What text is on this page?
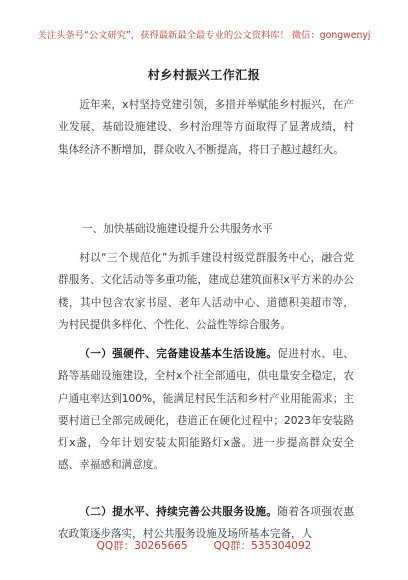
关注头条号“公文研究”，获得最新最全最专业的公文资料库！ 微信：gongwenyj
村乡村振兴工作汇报

近年来，x村坚持党建引领，多措并举赋能乡村振兴，在产业发展、基础设施建设、乡村治理等方面取得了显著成绩，村集体经济不断增加，群众收入不断提高，将日子越过越红火。

一、加快基础设施建设提升公共服务水平

村以“三个规范化”为抓手建设村级党群服务中心，融合党群服务、文化活动等多重功能，建成总建筑面积x平方米的办公楼，其中包含农家书屋、老年人活动中心、道德积美超市等，为村民提供多样化、个性化、公益性等综合服务。

（一）强硬件、完备建设基本生活设施。促进村水、电、路等基础设施建设，全村x个社全部通电，供电量安全稳定，农户通电率达到100%，能满足村民生活和乡村产业用能需求；主要村道已全部完成硬化，巷道正在硬化过程中；2023年安装路灯x盏，今年计划安装太阳能路灯x盏。进一步提高群众安全感、幸福感和满意度。

（二）提水平、持续完善公共服务设施。随着各项强农惠农政策逐步落实，村公共服务设施及场所基本完备，人

QQ群：30265665 QQ群：535304092
